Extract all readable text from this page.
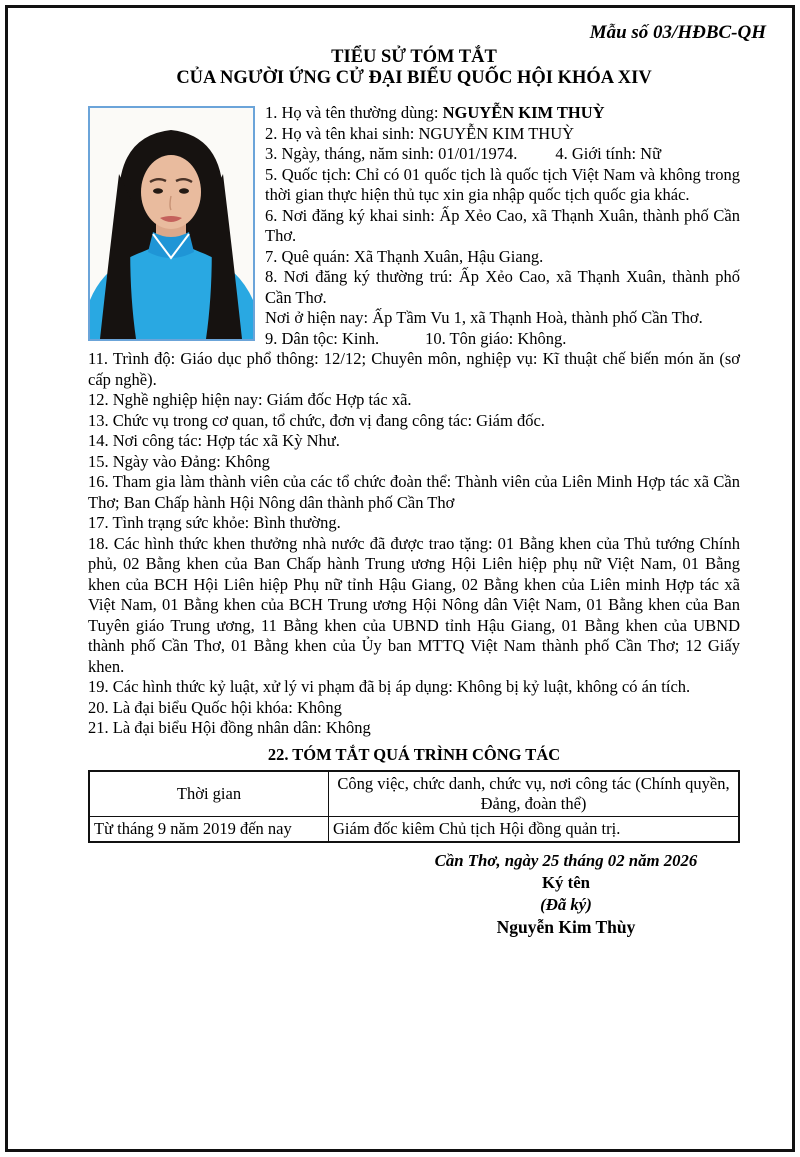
Mẫu số 03/HĐBC-QH

TIỂU SỬ TÓM TẮT

CỦA NGƯỜI ỨNG CỬ ĐẠI BIỂU QUỐC HỘI KHÓA XIV

1. Họ và tên thường dùng: NGUYỄN KIM THUỲ

2. Họ và tên khai sinh: NGUYỄN KIM THUỲ

3. Ngày, tháng, năm sinh: 01/01/1974. 4. Giới tính: Nữ

5. Quốc tịch: Chỉ có 01 quốc tịch là quốc tịch Việt Nam và không trong thời gian thực hiện thủ tục xin gia nhập quốc tịch quốc gia khác.

6. Nơi đăng ký khai sinh: Ấp Xẻo Cao, xã Thạnh Xuân, thành phố Cần Thơ.

7. Quê quán: Xã Thạnh Xuân, Hậu Giang.

8. Nơi đăng ký thường trú: Ấp Xẻo Cao, xã Thạnh Xuân, thành phố Cần Thơ.

Nơi ở hiện nay: Ấp Tầm Vu 1, xã Thạnh Hoà, thành phố Cần Thơ.

9. Dân tộc: Kinh.	10. Tôn giáo: Không.

11. Trình độ: Giáo dục phổ thông: 12/12; Chuyên môn, nghiệp vụ: Kĩ thuật chế biến món ăn (sơ cấp nghề).

12. Nghề nghiệp hiện nay: Giám đốc Hợp tác xã.

13. Chức vụ trong cơ quan, tổ chức, đơn vị đang công tác: Giám đốc.

14. Nơi công tác: Hợp tác xã Kỳ Như.

15. Ngày vào Đảng: Không

16. Tham gia làm thành viên của các tổ chức đoàn thể: Thành viên của Liên Minh Hợp tác xã Cần Thơ; Ban Chấp hành Hội Nông dân thành phố Cần Thơ

17. Tình trạng sức khỏe: Bình thường.

18. Các hình thức khen thưởng nhà nước đã được trao tặng: 01 Bằng khen của Thủ tướng Chính phủ, 02 Bằng khen của Ban Chấp hành Trung ương Hội Liên hiệp phụ nữ Việt Nam, 01 Bằng khen của BCH Hội Liên hiệp Phụ nữ tỉnh Hậu Giang, 02 Bằng khen của Liên minh Hợp tác xã Việt Nam, 01 Bằng khen của BCH Trung ương Hội Nông dân Việt Nam, 01 Bằng khen của Ban Tuyên giáo Trung ương, 11 Bằng khen của UBND tỉnh Hậu Giang, 01 Bằng khen của UBND thành phố Cần Thơ, 01 Bằng khen của Ủy ban MTTQ Việt Nam thành phố Cần Thơ; 12 Giấy khen.

19. Các hình thức kỷ luật, xử lý vi phạm đã bị áp dụng: Không bị kỷ luật, không có án tích.

20. Là đại biểu Quốc hội khóa: Không

21. Là đại biểu Hội đồng nhân dân: Không

22. TÓM TẮT QUÁ TRÌNH CÔNG TÁC

Thời gian	Công việc, chức danh, chức vụ, nơi công tác (Chính quyền, Đảng, đoàn thể)
Từ tháng 9 năm 2019 đến nay	Giám đốc kiêm Chủ tịch Hội đồng quản trị.
Cần Thơ, ngày 25 tháng 02 năm 2026
Ký tên
(Đã ký)
Nguyễn Kim Thùy
